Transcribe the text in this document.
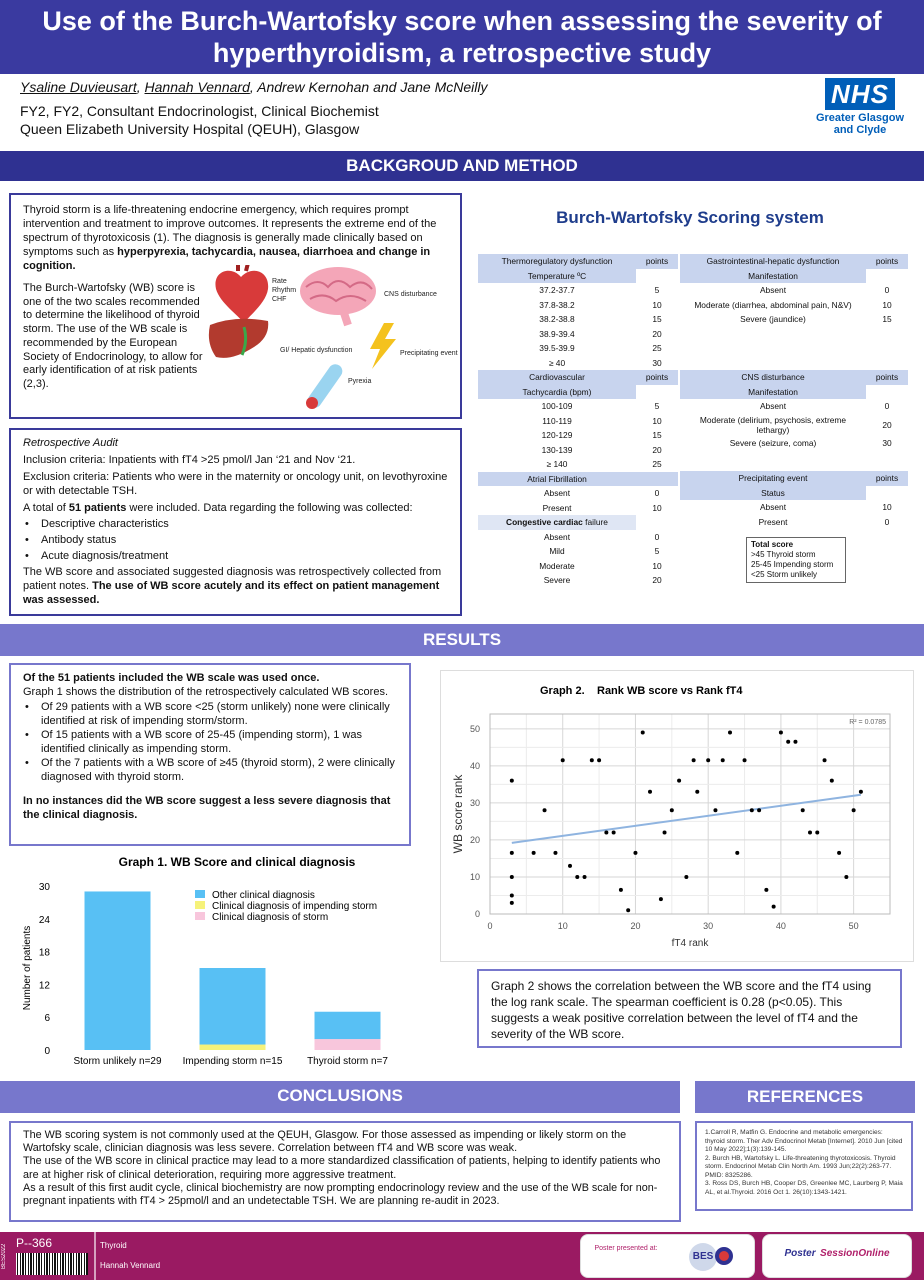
Use of the Burch-Wartofsky score when assessing the severity of hyperthyroidism, a retrospective study
Ysaline Duvieusart, Hannah Vennard, Andrew Kernohan and Jane McNeilly
FY2, FY2, Consultant Endocrinologist, Clinical Biochemist
Queen Elizabeth University Hospital (QEUH), Glasgow
NHS
Greater Glasgow
and Clyde
BACKGROUD AND METHOD
Thyroid storm is a life-threatening endocrine emergency, which requires prompt intervention and treatment to improve outcomes. It represents the extreme end of the spectrum of thyrotoxicosis (1). The diagnosis is generally made clinically based on symptoms such as hyperpyrexia, tachycardia, nausea, diarrhoea and change in cognition.
The Burch-Wartofsky (WB) score is one of the two scales recommended to determine the likelihood of thyroid storm. The use of the WB scale is recommended by the European Society of Endocrinology, to allow for early identification of at risk patients (2,3).
Rate
Rhythm
CHF
CNS disturbance
GI/ Hepatic dysfunction	Precipitating event
Pyrexia
Retrospective Audit
Inclusion criteria: Inpatients with fT4 >25 pmol/l Jan ‘21 and Nov ‘21.
Exclusion criteria: Patients who were in the maternity or oncology unit, on levothyroxine or with detectable TSH.
A total of 51 patients were included. Data regarding the following was collected:
• Descriptive characteristics
• Antibody status
• Acute diagnosis/treatment
The WB score and associated suggested diagnosis was retrospectively collected from patient notes. The use of WB score acutely and its effect on patient management was assessed.
Burch-Wartofsky Scoring system
Thermoregulatory dysfunction	points
Temperature ºC	
37.2-37.7	5
37.8-38.2	10
38.2-38.8	15
38.9-39.4	20
39.5-39.9	25
≥ 40	30
Cardiovascular	points
Tachycardia (bpm)	
100-109	5
110-119	10
120-129	15
130-139	20
≥ 140	25
Atrial Fibrillation	
Absent	0
Present	10
Congestive cardiac failure	
Absent	0
Mild	5
Moderate	10
Severe	20
Gastrointestinal-hepatic dysfunction	points
Manifestation	
Absent	0
Moderate (diarrhea, abdominal pain, N&V)	10
Severe (jaundice)	15
CNS disturbance	points
Manifestation	
Absent	0
Moderate (delirium, psychosis, extreme lethargy)	20
Severe (seizure, coma)	30
Precipitating event	points
Status	
Absent	10
Present	0
Total score
>45 Thyroid storm
25-45 Impending storm
<25 Storm unlikely
RESULTS
Of the 51 patients included the WB scale was used once.
Graph 1 shows the distribution of the retrospectively calculated WB scores.
• Of 29 patients with a WB score <25 (storm unlikely) none were clinically identified at risk of impending storm/storm.
• Of 15 patients with a WB score of 25-45 (impending storm), 1 was identified clinically as impending storm.
• Of the 7 patients with a WB score of ≥45 (thyroid storm), 2 were clinically diagnosed with thyroid storm.
In no instances did the WB score suggest a less severe diagnosis that the clinical diagnosis.
Graph 1. WB Score and clinical diagnosis
0
6
12
18
24
30
Number of patients
Storm unlikely n=29 Impending storm n=15 Thyroid storm n=7
Other clinical diagnosis
Clinical diagnosis of impending storm
Clinical diagnosis of storm
Graph 2. Rank WB score vs Rank fT4
0	10	20	30	40	50
0
10
20
30
40
50
R² = 0.0785
fT4 rank
WB score rank
Graph 2 shows the correlation between the WB score and the fT4 using the log rank scale. The spearman coefficient is 0.28 (p<0.05). This suggests a weak positive correlation between the level of fT4 and the severity of the WB score.
CONCLUSIONS	REFERENCES
The WB scoring system is not commonly used at the QEUH, Glasgow. For those assessed as impending or likely storm on the Wartofsky scale, clinician diagnosis was less severe. Correlation between fT4 and WB score was weak.
The use of the WB score in clinical practice may lead to a more standardized classification of patients, helping to identify patients who are at higher risk of clinical deterioration, requiring more aggressive treatment.
As a result of this first audit cycle, clinical biochemistry are now prompting endocrinology review and the use of the WB scale for non-pregnant inpatients with fT4 > 25pmol/l and an undetectable TSH. We are planning re-audit in 2023.
1.Carroll R, Matfin G. Endocrine and metabolic emergencies: thyroid storm. Ther Adv Endocrinol Metab [Internet]. 2010 Jun [cited 10 May 2022];1(3):139-145.
2. Burch HB, Wartofsky L. Life-threatening thyrotoxicosis. Thyroid storm. Endocrinol Metab Clin North Am. 1993 Jun;22(2):263-77. PMID: 8325286.
3. Ross DS, Burch HB, Cooper DS, Greenlee MC, Laurberg P, Maia AL, et al.Thyroid. 2016 Oct 1. 26(10):1343-1421.
BES2022
P--366	Thyroid
Hannah Vennard
Poster presented at:
BES	Poster SessionOnline
